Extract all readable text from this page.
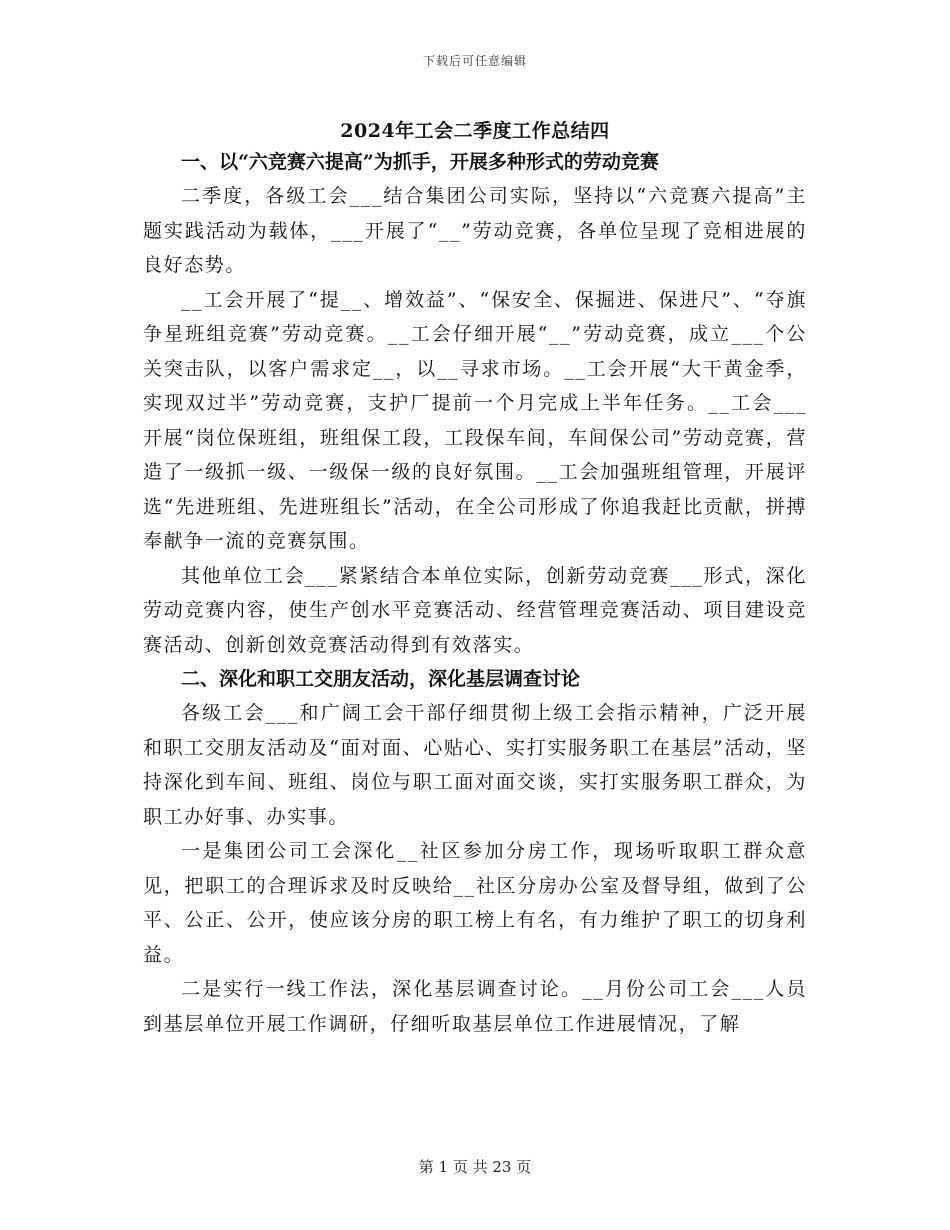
下载后可任意编辑
2024年工会二季度工作总结四

一、以“六竞赛六提高”为抓手，开展多种形式的劳动竞赛

二季度，各级工会___结合集团公司实际，坚持以“六竞赛六提高”主题实践活动为载体，___开展了“__”劳动竞赛，各单位呈现了竞相进展的良好态势。

__工会开展了“提__、增效益”、“保安全、保掘进、保进尺”、“夺旗争星班组竞赛”劳动竞赛。__工会仔细开展“__”劳动竞赛，成立___个公关突击队，以客户需求定__，以__寻求市场。__工会开展“大干黄金季，实现双过半”劳动竞赛，支护厂提前一个月完成上半年任务。__工会___开展“岗位保班组，班组保工段，工段保车间，车间保公司”劳动竞赛，营造了一级抓一级、一级保一级的良好氛围。__工会加强班组管理，开展评选“先进班组、先进班组长”活动，在全公司形成了你追我赶比贡献，拼搏奉献争一流的竞赛氛围。

其他单位工会___紧紧结合本单位实际，创新劳动竞赛___形式，深化劳动竞赛内容，使生产创水平竞赛活动、经营管理竞赛活动、项目建设竞赛活动、创新创效竞赛活动得到有效落实。

二、深化和职工交朋友活动，深化基层调查讨论

各级工会___和广阔工会干部仔细贯彻上级工会指示精神，广泛开展和职工交朋友活动及“面对面、心贴心、实打实服务职工在基层”活动，坚持深化到车间、班组、岗位与职工面对面交谈，实打实服务职工群众，为职工办好事、办实事。

一是集团公司工会深化__社区参加分房工作，现场听取职工群众意见，把职工的合理诉求及时反映给__社区分房办公室及督导组，做到了公平、公正、公开，使应该分房的职工榜上有名，有力维护了职工的切身利益。

二是实行一线工作法，深化基层调查讨论。__月份公司工会___人员到基层单位开展工作调研，仔细听取基层单位工作进展情况，了解

第 1 页 共 23 页
